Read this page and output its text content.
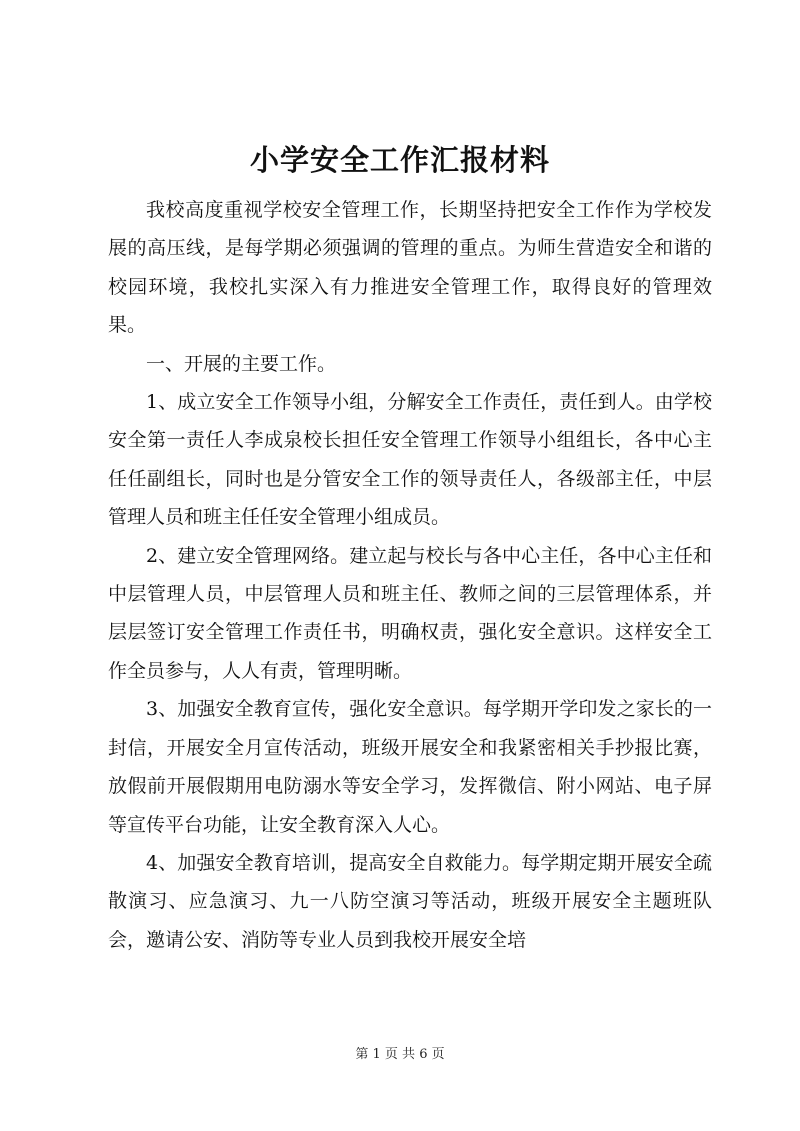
小学安全工作汇报材料

我校高度重视学校安全管理工作，长期坚持把安全工作作为学校发展的高压线，是每学期必须强调的管理的重点。为师生营造安全和谐的校园环境，我校扎实深入有力推进安全管理工作，取得良好的管理效果。

一、开展的主要工作。

1、成立安全工作领导小组，分解安全工作责任，责任到人。由学校安全第一责任人李成泉校长担任安全管理工作领导小组组长，各中心主任任副组长，同时也是分管安全工作的领导责任人，各级部主任，中层管理人员和班主任任安全管理小组成员。

2、建立安全管理网络。建立起与校长与各中心主任，各中心主任和中层管理人员，中层管理人员和班主任、教师之间的三层管理体系，并层层签订安全管理工作责任书，明确权责，强化安全意识。这样安全工作全员参与，人人有责，管理明晰。

3、加强安全教育宣传，强化安全意识。每学期开学印发之家长的一封信，开展安全月宣传活动，班级开展安全和我紧密相关手抄报比赛，放假前开展假期用电防溺水等安全学习，发挥微信、附小网站、电子屏等宣传平台功能，让安全教育深入人心。

4、加强安全教育培训，提高安全自救能力。每学期定期开展安全疏散演习、应急演习、九一八防空演习等活动，班级开展安全主题班队会，邀请公安、消防等专业人员到我校开展安全培

第 1 页 共 6 页
